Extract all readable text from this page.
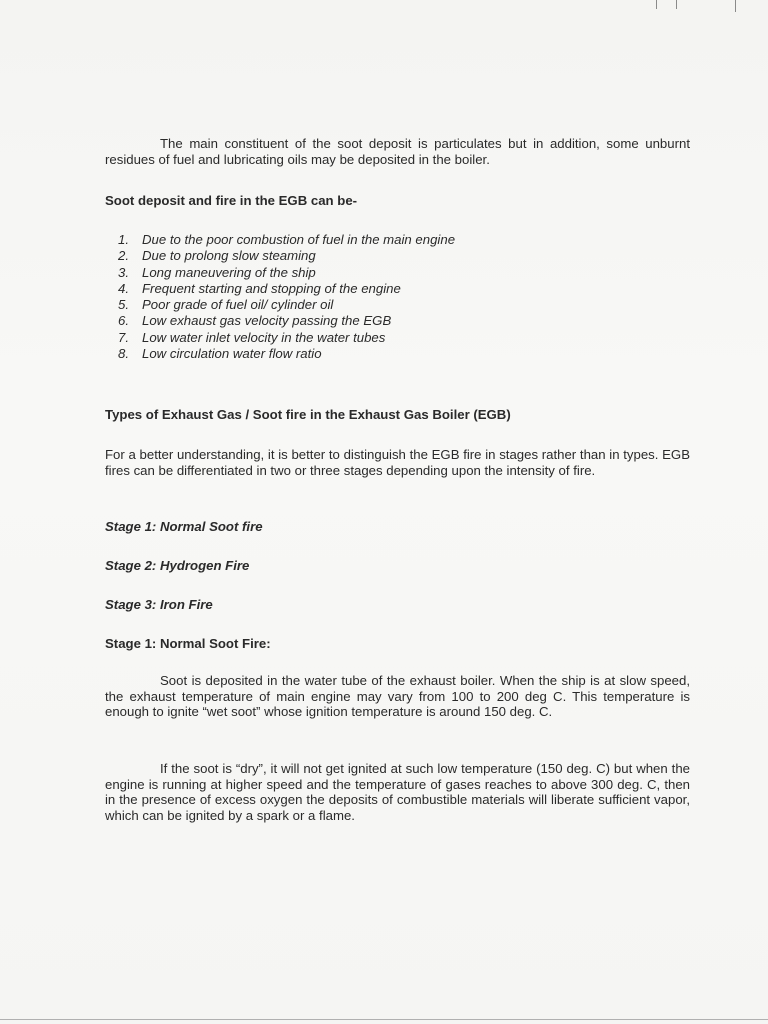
The main constituent of the soot deposit is particulates but in addition, some unburnt residues of fuel and lubricating oils may be deposited in the boiler.

Soot deposit and fire in the EGB can be-

1. Due to the poor combustion of fuel in the main engine
2. Due to prolong slow steaming
3. Long maneuvering of the ship
4. Frequent starting and stopping of the engine
5. Poor grade of fuel oil/ cylinder oil
6. Low exhaust gas velocity passing the EGB
7. Low water inlet velocity in the water tubes
8. Low circulation water flow ratio

Types of Exhaust Gas / Soot fire in the Exhaust Gas Boiler (EGB)

For a better understanding, it is better to distinguish the EGB fire in stages rather than in types. EGB fires can be differentiated in two or three stages depending upon the intensity of fire.

Stage 1: Normal Soot fire

Stage 2: Hydrogen Fire

Stage 3: Iron Fire

Stage 1: Normal Soot Fire:

Soot is deposited in the water tube of the exhaust boiler. When the ship is at slow speed, the exhaust temperature of main engine may vary from 100 to 200 deg C. This temperature is enough to ignite “wet soot” whose ignition temperature is around 150 deg. C.

If the soot is “dry”, it will not get ignited at such low temperature (150 deg. C) but when the engine is running at higher speed and the temperature of gases reaches to above 300 deg. C, then in the presence of excess oxygen the deposits of combustible materials will liberate sufficient vapor, which can be ignited by a spark or a flame.
